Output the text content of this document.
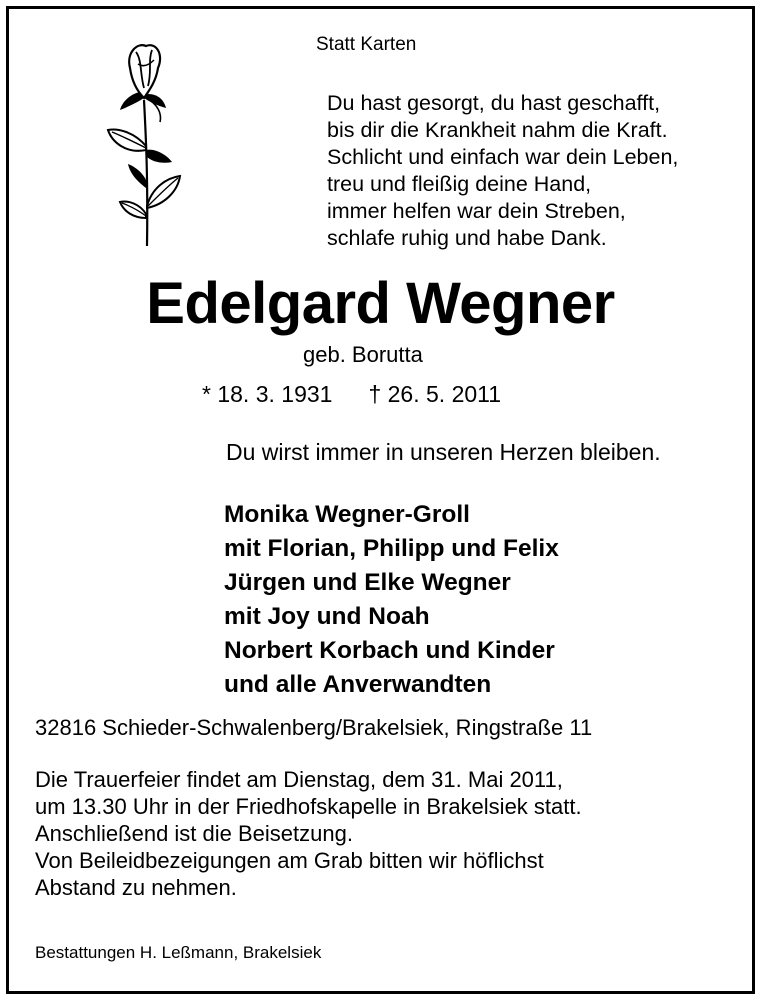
Statt Karten
Du hast gesorgt, du hast geschafft,
bis dir die Krankheit nahm die Kraft.
Schlicht und einfach war dein Leben,
treu und fleißig deine Hand,
immer helfen war dein Streben,
schlafe ruhig und habe Dank.
Edelgard Wegner
geb. Borutta
* 18. 3. 1931 † 26. 5. 2011
Du wirst immer in unseren Herzen bleiben.
Monika Wegner-Groll
mit Florian, Philipp und Felix
Jürgen und Elke Wegner
mit Joy und Noah
Norbert Korbach und Kinder
und alle Anverwandten
32816 Schieder-Schwalenberg/Brakelsiek, Ringstraße 11
Die Trauerfeier findet am Dienstag, dem 31. Mai 2011,
um 13.30 Uhr in der Friedhofskapelle in Brakelsiek statt.
Anschließend ist die Beisetzung.
Von Beileidbezeigungen am Grab bitten wir höflichst
Abstand zu nehmen.
Bestattungen H. Leßmann, Brakelsiek
